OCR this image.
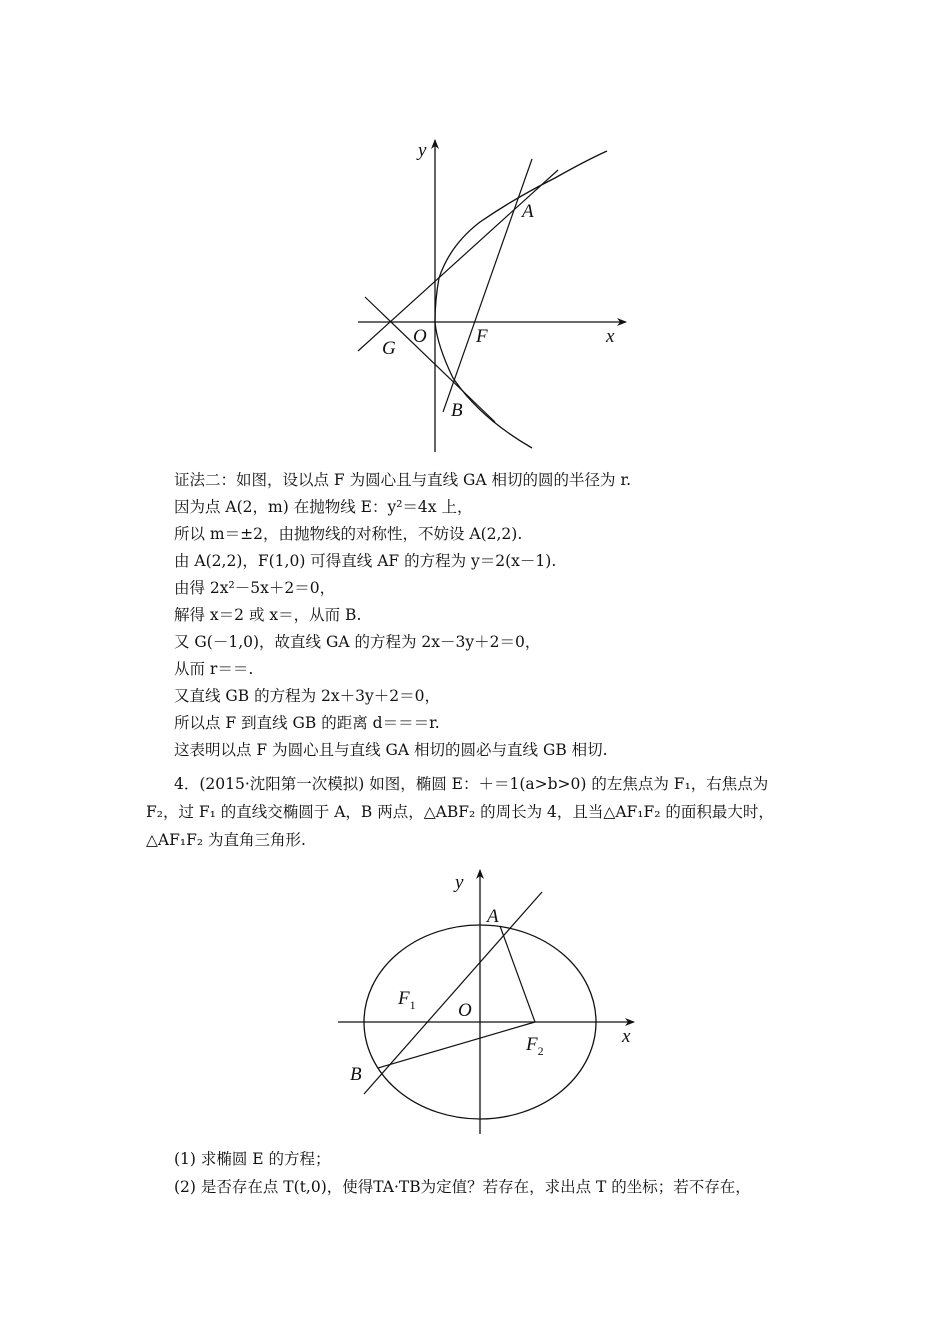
y
x
A
B
F
G
O
证法二：如图，设以点 F 为圆心且与直线 GA 相切的圆的半径为 r.
因为点 A(2，m) 在抛物线 E：y²＝4x 上，
所以 m＝±2，由抛物线的对称性，不妨设 A(2,2).
由 A(2,2)，F(1,0) 可得直线 AF 的方程为 y＝2(x－1).
由得 2x²－5x＋2＝0，
解得 x＝2 或 x＝，从而 B.
又 G(－1,0)，故直线 GA 的方程为 2x－3y＋2＝0，
从而 r＝＝.
又直线 GB 的方程为 2x＋3y＋2＝0，
所以点 F 到直线 GB 的距离 d＝＝＝r.
这表明以点 F 为圆心且与直线 GA 相切的圆必与直线 GB 相切.
4．(2015·沈阳第一次模拟) 如图，椭圆 E：＋＝1(a>b>0) 的左焦点为 F₁，右焦点为
F₂，过 F₁ 的直线交椭圆于 A，B 两点，△ABF₂ 的周长为 4，且当△AF₁F₂ 的面积最大时，
△AF₁F₂ 为直角三角形.
y
x
A
B
O
$F_1$
$F_2$
(1) 求椭圆 E 的方程；
(2) 是否存在点 T(t,0)，使得TA·TB为定值？若存在，求出点 T 的坐标；若不存在，
